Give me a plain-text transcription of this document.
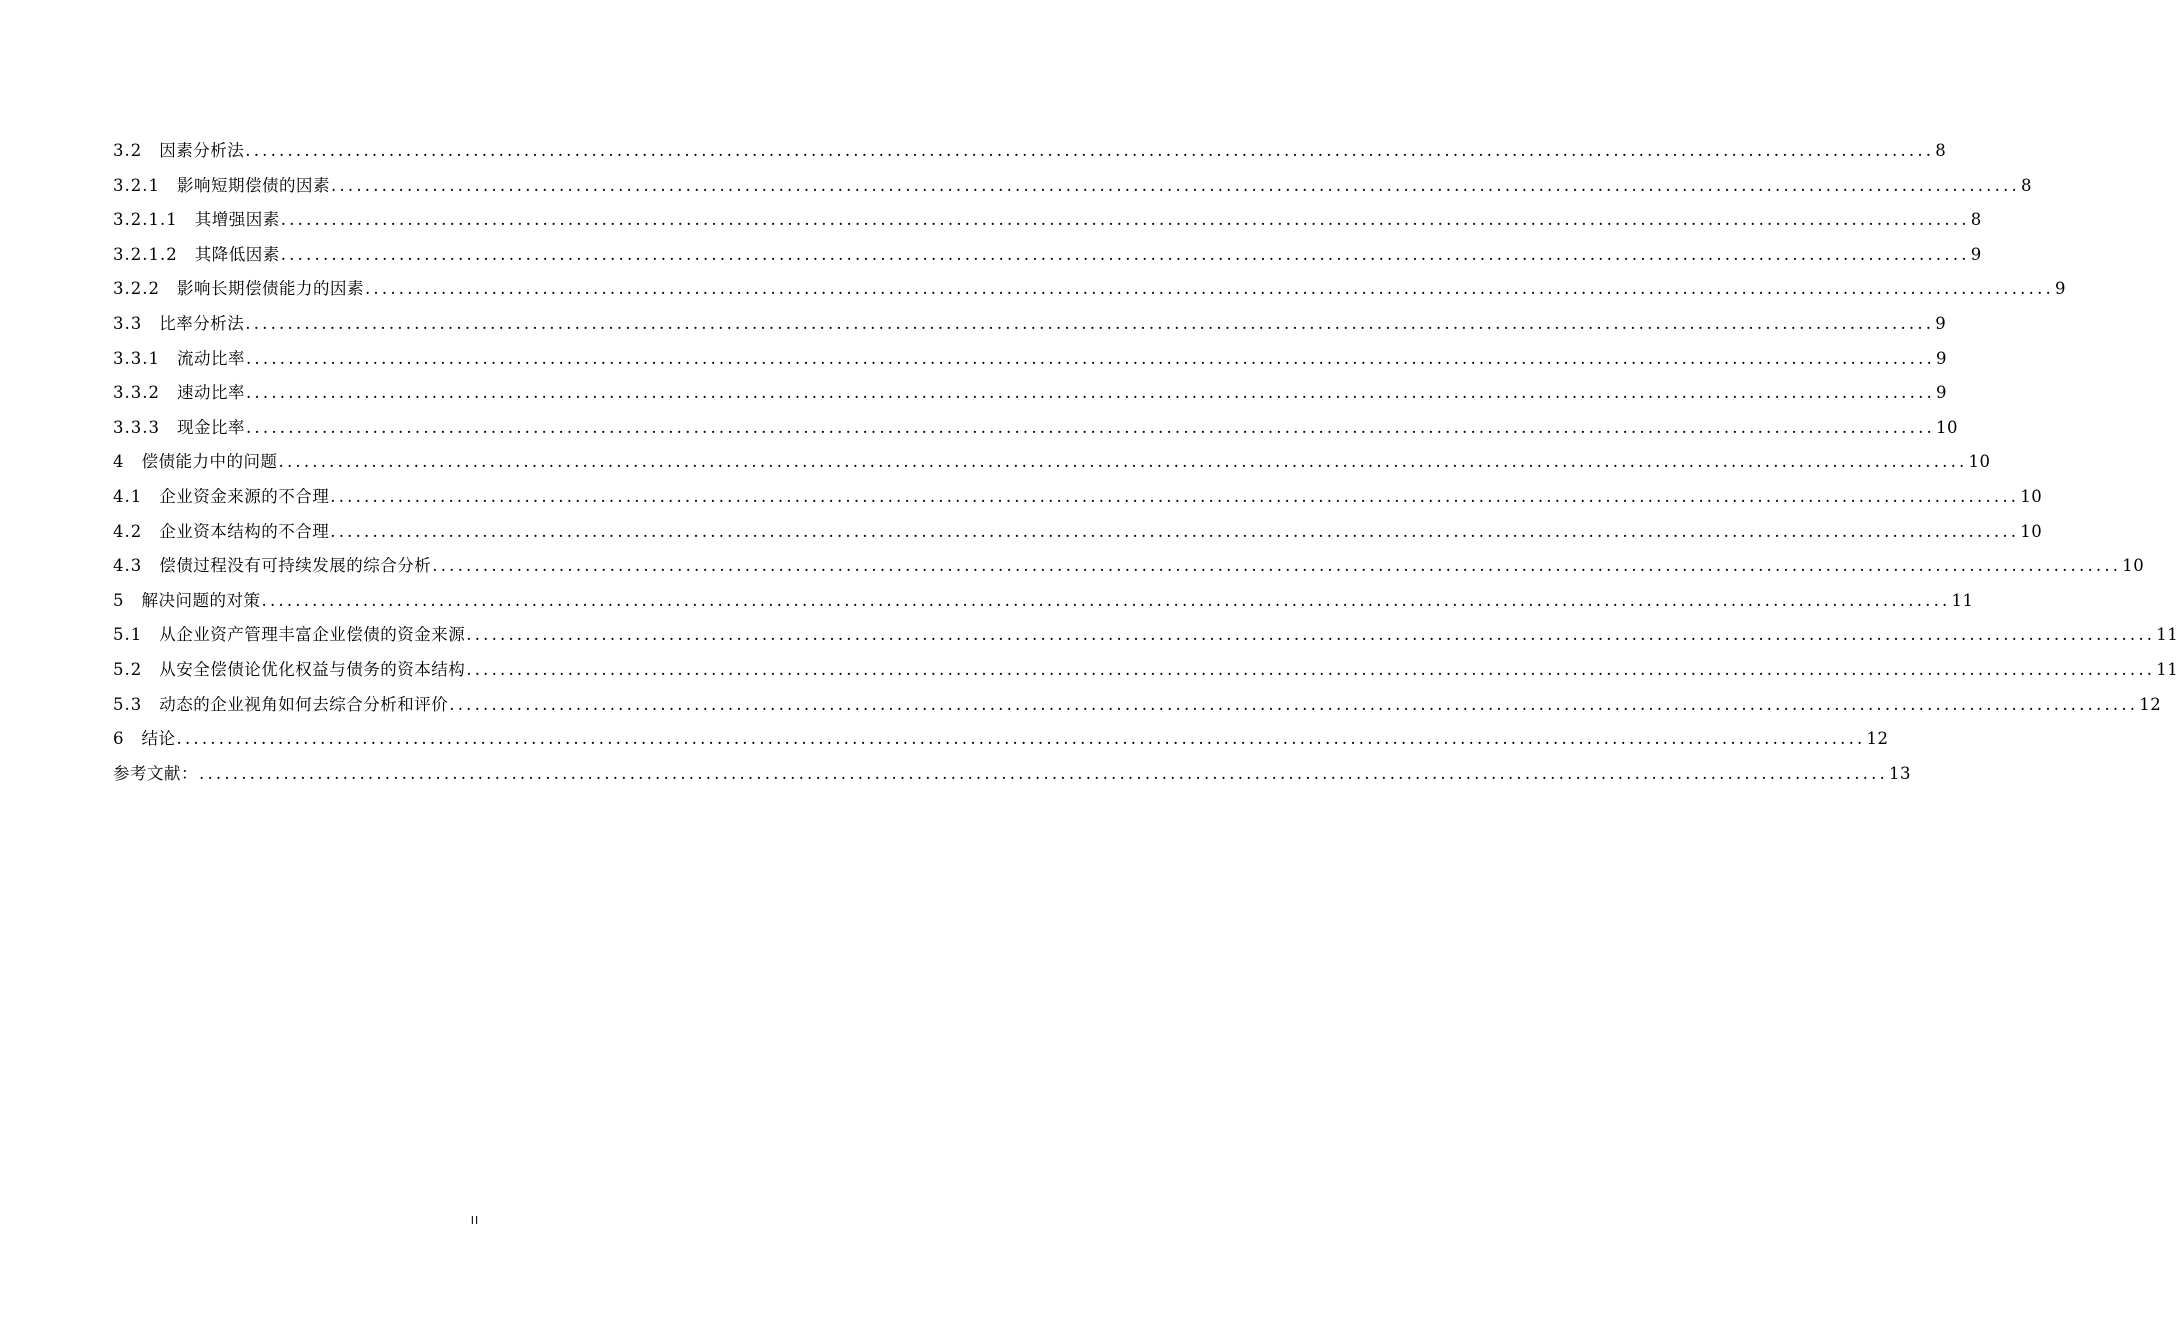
3.2 因素分析法 ........................................................................................................................................................................................................ 8
3.2.1 影响短期偿债的因素 ........................................................................................................................................................................................................ 8
3.2.1.1 其增强因素 ........................................................................................................................................................................................................ 8
3.2.1.2 其降低因素 ........................................................................................................................................................................................................ 9
3.2.2 影响长期偿债能力的因素 ........................................................................................................................................................................................................ 9
3.3 比率分析法 ........................................................................................................................................................................................................ 9
3.3.1 流动比率 ........................................................................................................................................................................................................ 9
3.3.2 速动比率 ........................................................................................................................................................................................................ 9
3.3.3 现金比率 ........................................................................................................................................................................................................ 10
4 偿债能力中的问题 ........................................................................................................................................................................................................ 10
4.1 企业资金来源的不合理 ........................................................................................................................................................................................................ 10
4.2 企业资本结构的不合理 ........................................................................................................................................................................................................ 10
4.3 偿债过程没有可持续发展的综合分析 ........................................................................................................................................................................................................ 10
5 解决问题的对策 ........................................................................................................................................................................................................ 11
5.1 从企业资产管理丰富企业偿债的资金来源 ........................................................................................................................................................................................................ 11
5.2 从安全偿债论优化权益与债务的资本结构 ........................................................................................................................................................................................................ 11
5.3 动态的企业视角如何去综合分析和评价 ........................................................................................................................................................................................................ 12
6 结论 ........................................................................................................................................................................................................ 12
参考文献： ........................................................................................................................................................................................................ 13
II
